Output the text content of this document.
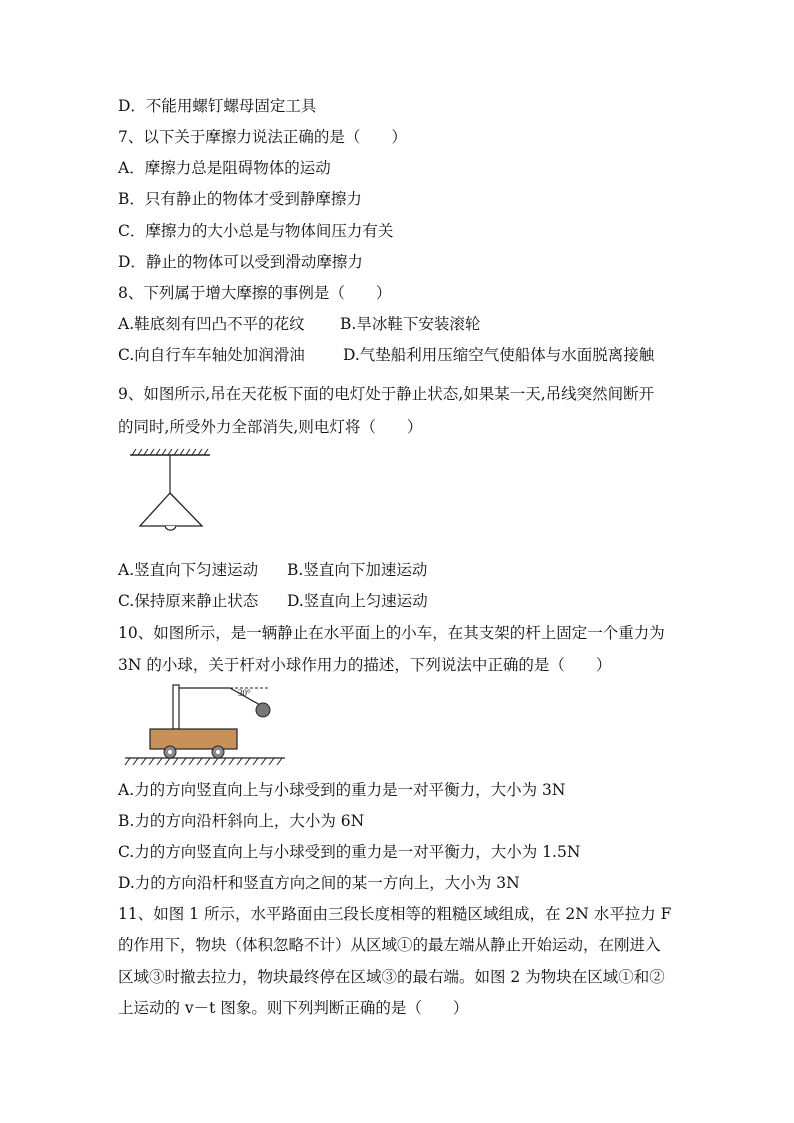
D．不能用螺钉螺母固定工具
7、以下关于摩擦力说法正确的是（　　）
A．摩擦力总是阻碍物体的运动
B．只有静止的物体才受到静摩擦力
C．摩擦力的大小总是与物体间压力有关
D．静止的物体可以受到滑动摩擦力
8、下列属于增大摩擦的事例是（　　）
A.鞋底刻有凹凸不平的花纹 B.旱冰鞋下安装滚轮
C.向自行车车轴处加润滑油 D.气垫船利用压缩空气使船体与水面脱离接触
9、如图所示,吊在天花板下面的电灯处于静止状态,如果某一天,吊线突然间断开
的同时,所受外力全部消失,则电灯将（　　）
A.竖直向下匀速运动 B.竖直向下加速运动
C.保持原来静止状态 D.竖直向上匀速运动
10、如图所示，是一辆静止在水平面上的小车，在其支架的杆上固定一个重力为
3N 的小球，关于杆对小球作用力的描述，下列说法中正确的是（　　）
30°
A.力的方向竖直向上与小球受到的重力是一对平衡力，大小为 3N
B.力的方向沿杆斜向上，大小为 6N
C.力的方向竖直向上与小球受到的重力是一对平衡力，大小为 1.5N
D.力的方向沿杆和竖直方向之间的某一方向上，大小为 3N
11、如图 1 所示，水平路面由三段长度相等的粗糙区域组成，在 2N 水平拉力 F
的作用下，物块（体积忽略不计）从区域①的最左端从静止开始运动，在刚进入
区域③时撤去拉力，物块最终停在区域③的最右端。如图 2 为物块在区域①和②
上运动的 v－t 图象。则下列判断正确的是（　　）
